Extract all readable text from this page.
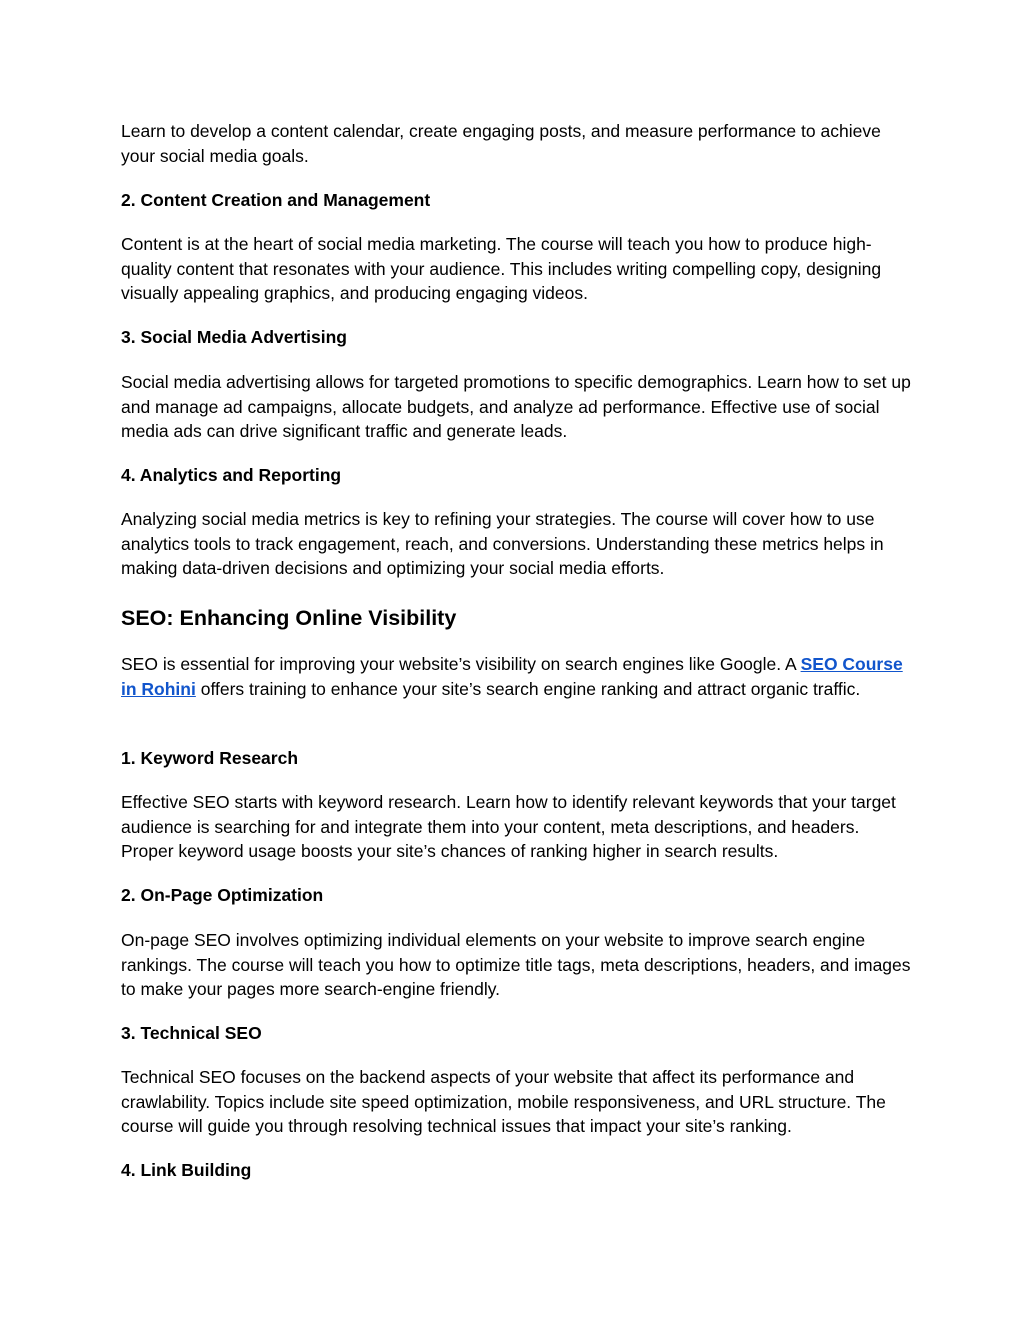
Learn to develop a content calendar, create engaging posts, and measure performance to achieve your social media goals.

2. Content Creation and Management

Content is at the heart of social media marketing. The course will teach you how to produce high-quality content that resonates with your audience. This includes writing compelling copy, designing visually appealing graphics, and producing engaging videos.

3. Social Media Advertising

Social media advertising allows for targeted promotions to specific demographics. Learn how to set up and manage ad campaigns, allocate budgets, and analyze ad performance. Effective use of social media ads can drive significant traffic and generate leads.

4. Analytics and Reporting

Analyzing social media metrics is key to refining your strategies. The course will cover how to use analytics tools to track engagement, reach, and conversions. Understanding these metrics helps in making data-driven decisions and optimizing your social media efforts.

SEO: Enhancing Online Visibility

SEO is essential for improving your website’s visibility on search engines like Google. A SEO Course in Rohini offers training to enhance your site’s search engine ranking and attract organic traffic.

1. Keyword Research

Effective SEO starts with keyword research. Learn how to identify relevant keywords that your target audience is searching for and integrate them into your content, meta descriptions, and headers. Proper keyword usage boosts your site’s chances of ranking higher in search results.

2. On-Page Optimization

On-page SEO involves optimizing individual elements on your website to improve search engine rankings. The course will teach you how to optimize title tags, meta descriptions, headers, and images to make your pages more search-engine friendly.

3. Technical SEO

Technical SEO focuses on the backend aspects of your website that affect its performance and crawlability. Topics include site speed optimization, mobile responsiveness, and URL structure. The course will guide you through resolving technical issues that impact your site’s ranking.

4. Link Building
